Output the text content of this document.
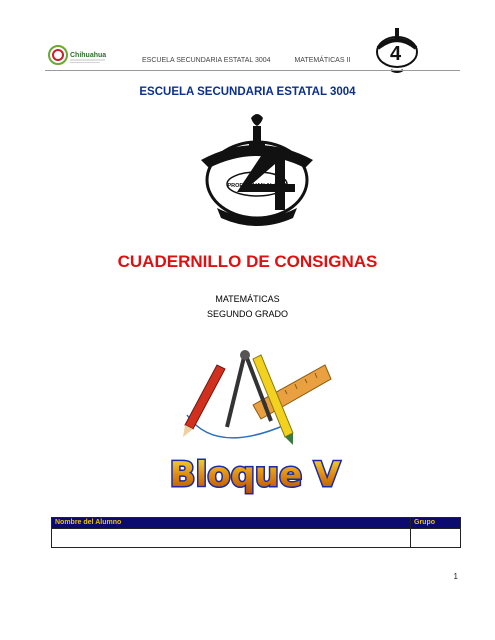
Chihuahua
ESCUELA SECUNDARIA ESTATAL 3004	MATEMÁTICAS II	4
ESCUELA SECUNDARIA ESTATAL 3004
PROFR. JUAN ALANÍS
CUADERNILLO DE CONSIGNAS
MATEMÁTICAS
SEGUNDO GRADO
Bloque V
Nombre del Alumno	Grupo

1
